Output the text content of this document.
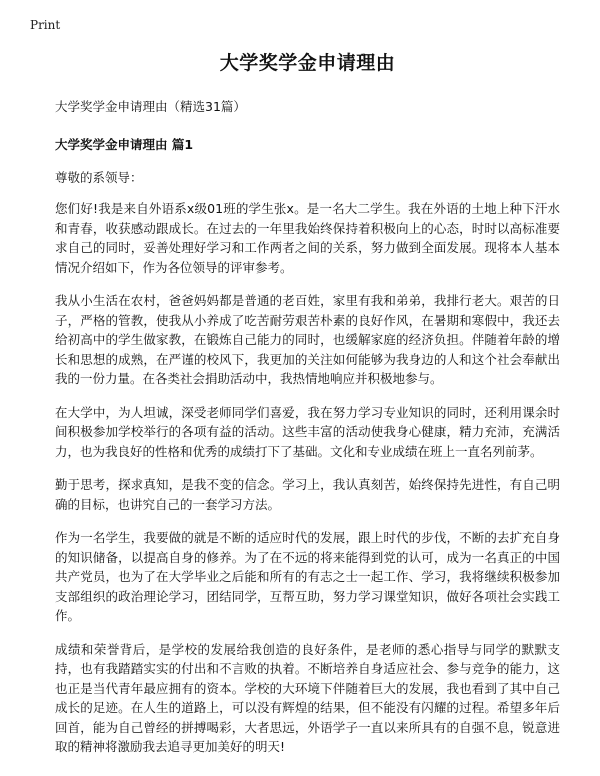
Print
大学奖学金申请理由
大学奖学金申请理由（精选31篇）
大学奖学金申请理由 篇1
尊敬的系领导：

您们好!我是来自外语系x级01班的学生张x。是一名大二学生。我在外语的土地上种下汗水和青春，收获感动跟成长。在过去的一年里我始终保持着积极向上的心态，时时以高标准要求自己的同时，妥善处理好学习和工作两者之间的关系，努力做到全面发展。现将本人基本情况介绍如下，作为各位领导的评审参考。

我从小生活在农村，爸爸妈妈都是普通的老百姓，家里有我和弟弟，我排行老大。艰苦的日子，严格的管教，使我从小养成了吃苦耐劳艰苦朴素的良好作风，在暑期和寒假中，我还去给初高中的学生做家教，在锻炼自己能力的同时，也缓解家庭的经济负担。伴随着年龄的增长和思想的成熟，在严谨的校风下，我更加的关注如何能够为我身边的人和这个社会奉献出我的一份力量。在各类社会捐助活动中，我热情地响应并积极地参与。

在大学中，为人坦诚，深受老师同学们喜爱，我在努力学习专业知识的同时，还利用课余时间积极参加学校举行的各项有益的活动。这些丰富的活动使我身心健康，精力充沛，充满活力，也为我良好的性格和优秀的成绩打下了基础。文化和专业成绩在班上一直名列前茅。

勤于思考，探求真知，是我不变的信念。学习上，我认真刻苦，始终保持先进性，有自己明确的目标，也讲究自己的一套学习方法。

作为一名学生，我要做的就是不断的适应时代的发展，跟上时代的步伐，不断的去扩充自身的知识储备，以提高自身的修养。为了在不远的将来能得到党的认可，成为一名真正的中国共产党员，也为了在大学毕业之后能和所有的有志之士一起工作、学习，我将继续积极参加支部组织的政治理论学习，团结同学，互帮互助，努力学习课堂知识，做好各项社会实践工作。

成绩和荣誉背后，是学校的发展给我创造的良好条件，是老师的悉心指导与同学的默默支持，也有我踏踏实实的付出和不言败的执着。不断培养自身适应社会、参与竞争的能力，这也正是当代青年最应拥有的资本。学校的大环境下伴随着巨大的发展，我也看到了其中自己成长的足迹。在人生的道路上，可以没有辉煌的结果，但不能没有闪耀的过程。希望多年后回首，能为自己曾经的拼搏喝彩，大者思远，外语学子一直以来所具有的自强不息，锐意进取的精神将激励我去追寻更加美好的明天!
